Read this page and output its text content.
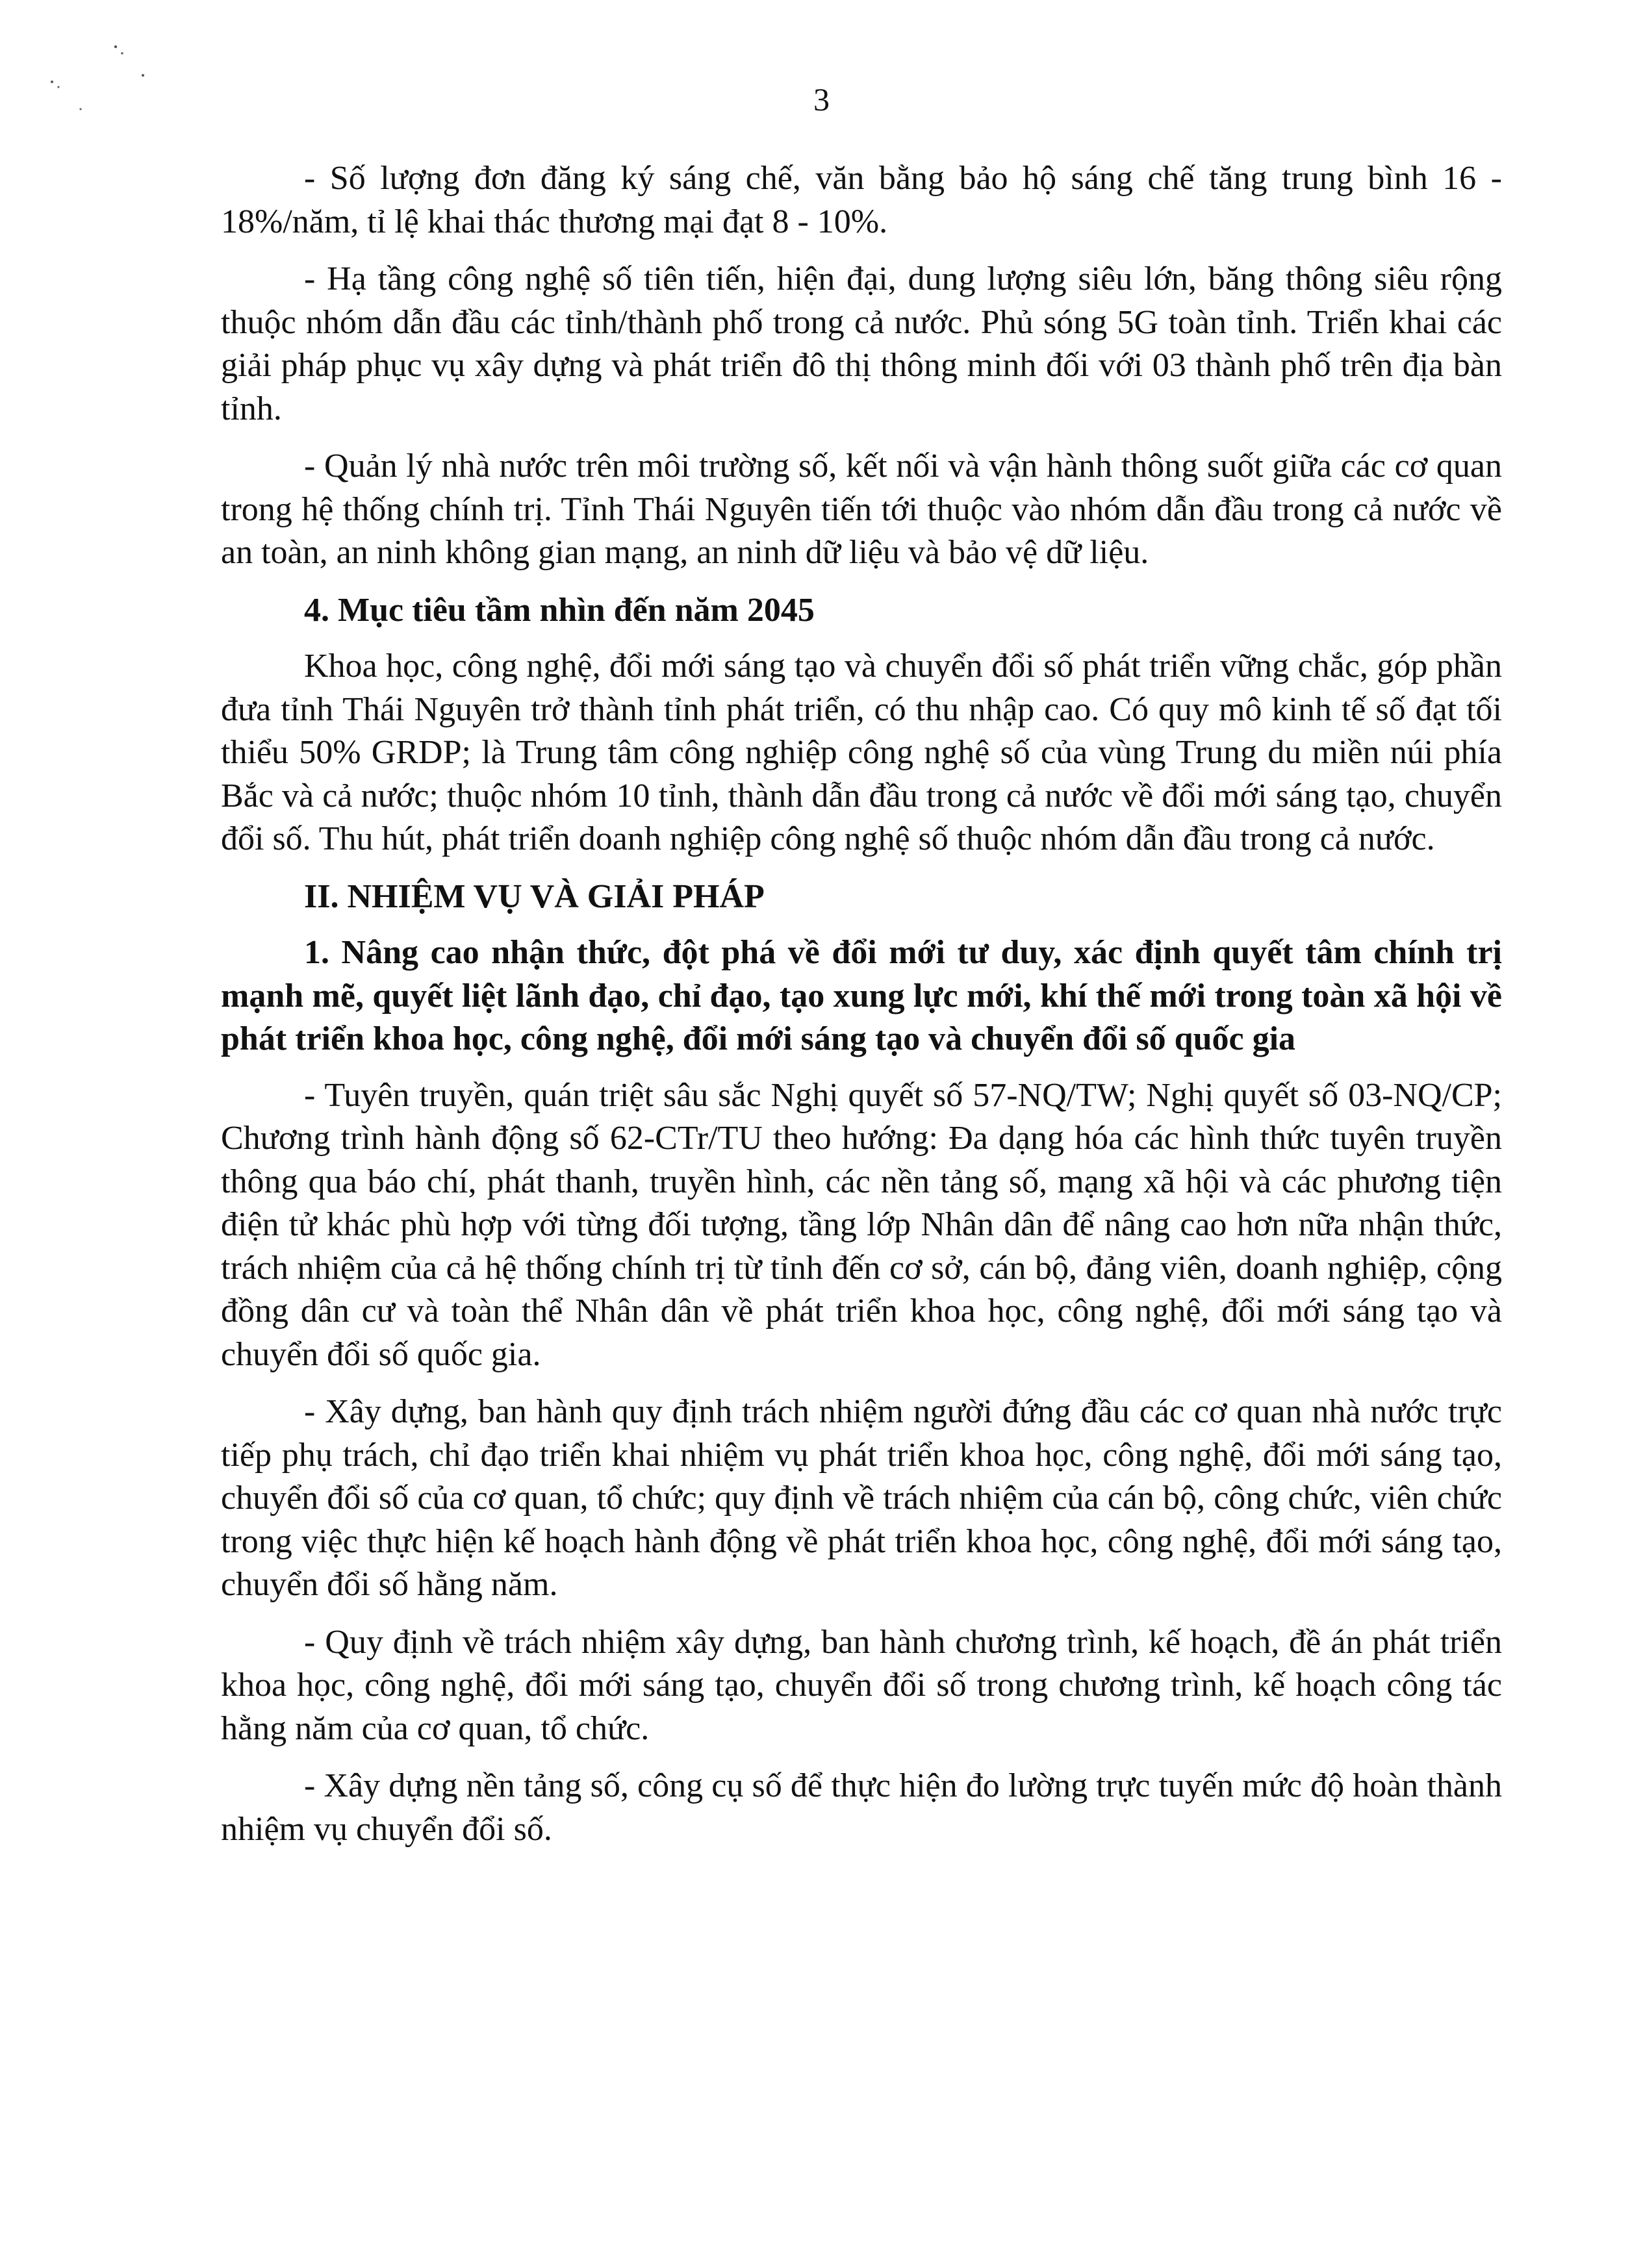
3

- Số lượng đơn đăng ký sáng chế, văn bằng bảo hộ sáng chế tăng trung bình 16 - 18%/năm, tỉ lệ khai thác thương mại đạt 8 - 10%.

- Hạ tầng công nghệ số tiên tiến, hiện đại, dung lượng siêu lớn, băng thông siêu rộng thuộc nhóm dẫn đầu các tỉnh/thành phố trong cả nước. Phủ sóng 5G toàn tỉnh. Triển khai các giải pháp phục vụ xây dựng và phát triển đô thị thông minh đối với 03 thành phố trên địa bàn tỉnh.

- Quản lý nhà nước trên môi trường số, kết nối và vận hành thông suốt giữa các cơ quan trong hệ thống chính trị. Tỉnh Thái Nguyên tiến tới thuộc vào nhóm dẫn đầu trong cả nước về an toàn, an ninh không gian mạng, an ninh dữ liệu và bảo vệ dữ liệu.

4. Mục tiêu tầm nhìn đến năm 2045

Khoa học, công nghệ, đổi mới sáng tạo và chuyển đổi số phát triển vững chắc, góp phần đưa tỉnh Thái Nguyên trở thành tỉnh phát triển, có thu nhập cao. Có quy mô kinh tế số đạt tối thiểu 50% GRDP; là Trung tâm công nghiệp công nghệ số của vùng Trung du miền núi phía Bắc và cả nước; thuộc nhóm 10 tỉnh, thành dẫn đầu trong cả nước về đổi mới sáng tạo, chuyển đổi số. Thu hút, phát triển doanh nghiệp công nghệ số thuộc nhóm dẫn đầu trong cả nước.

II. NHIỆM VỤ VÀ GIẢI PHÁP
1. Nâng cao nhận thức, đột phá về đổi mới tư duy, xác định quyết tâm chính trị mạnh mẽ, quyết liệt lãnh đạo, chỉ đạo, tạo xung lực mới, khí thế mới trong toàn xã hội về phát triển khoa học, công nghệ, đổi mới sáng tạo và chuyển đổi số quốc gia

- Tuyên truyền, quán triệt sâu sắc Nghị quyết số 57-NQ/TW; Nghị quyết số 03-NQ/CP; Chương trình hành động số 62-CTr/TU theo hướng: Đa dạng hóa các hình thức tuyên truyền thông qua báo chí, phát thanh, truyền hình, các nền tảng số, mạng xã hội và các phương tiện điện tử khác phù hợp với từng đối tượng, tầng lớp Nhân dân để nâng cao hơn nữa nhận thức, trách nhiệm của cả hệ thống chính trị từ tỉnh đến cơ sở, cán bộ, đảng viên, doanh nghiệp, cộng đồng dân cư và toàn thể Nhân dân về phát triển khoa học, công nghệ, đổi mới sáng tạo và chuyển đổi số quốc gia.

- Xây dựng, ban hành quy định trách nhiệm người đứng đầu các cơ quan nhà nước trực tiếp phụ trách, chỉ đạo triển khai nhiệm vụ phát triển khoa học, công nghệ, đổi mới sáng tạo, chuyển đổi số của cơ quan, tổ chức; quy định về trách nhiệm của cán bộ, công chức, viên chức trong việc thực hiện kế hoạch hành động về phát triển khoa học, công nghệ, đổi mới sáng tạo, chuyển đổi số hằng năm.

- Quy định về trách nhiệm xây dựng, ban hành chương trình, kế hoạch, đề án phát triển khoa học, công nghệ, đổi mới sáng tạo, chuyển đổi số trong chương trình, kế hoạch công tác hằng năm của cơ quan, tổ chức.

- Xây dựng nền tảng số, công cụ số để thực hiện đo lường trực tuyến mức độ hoàn thành nhiệm vụ chuyển đổi số.
